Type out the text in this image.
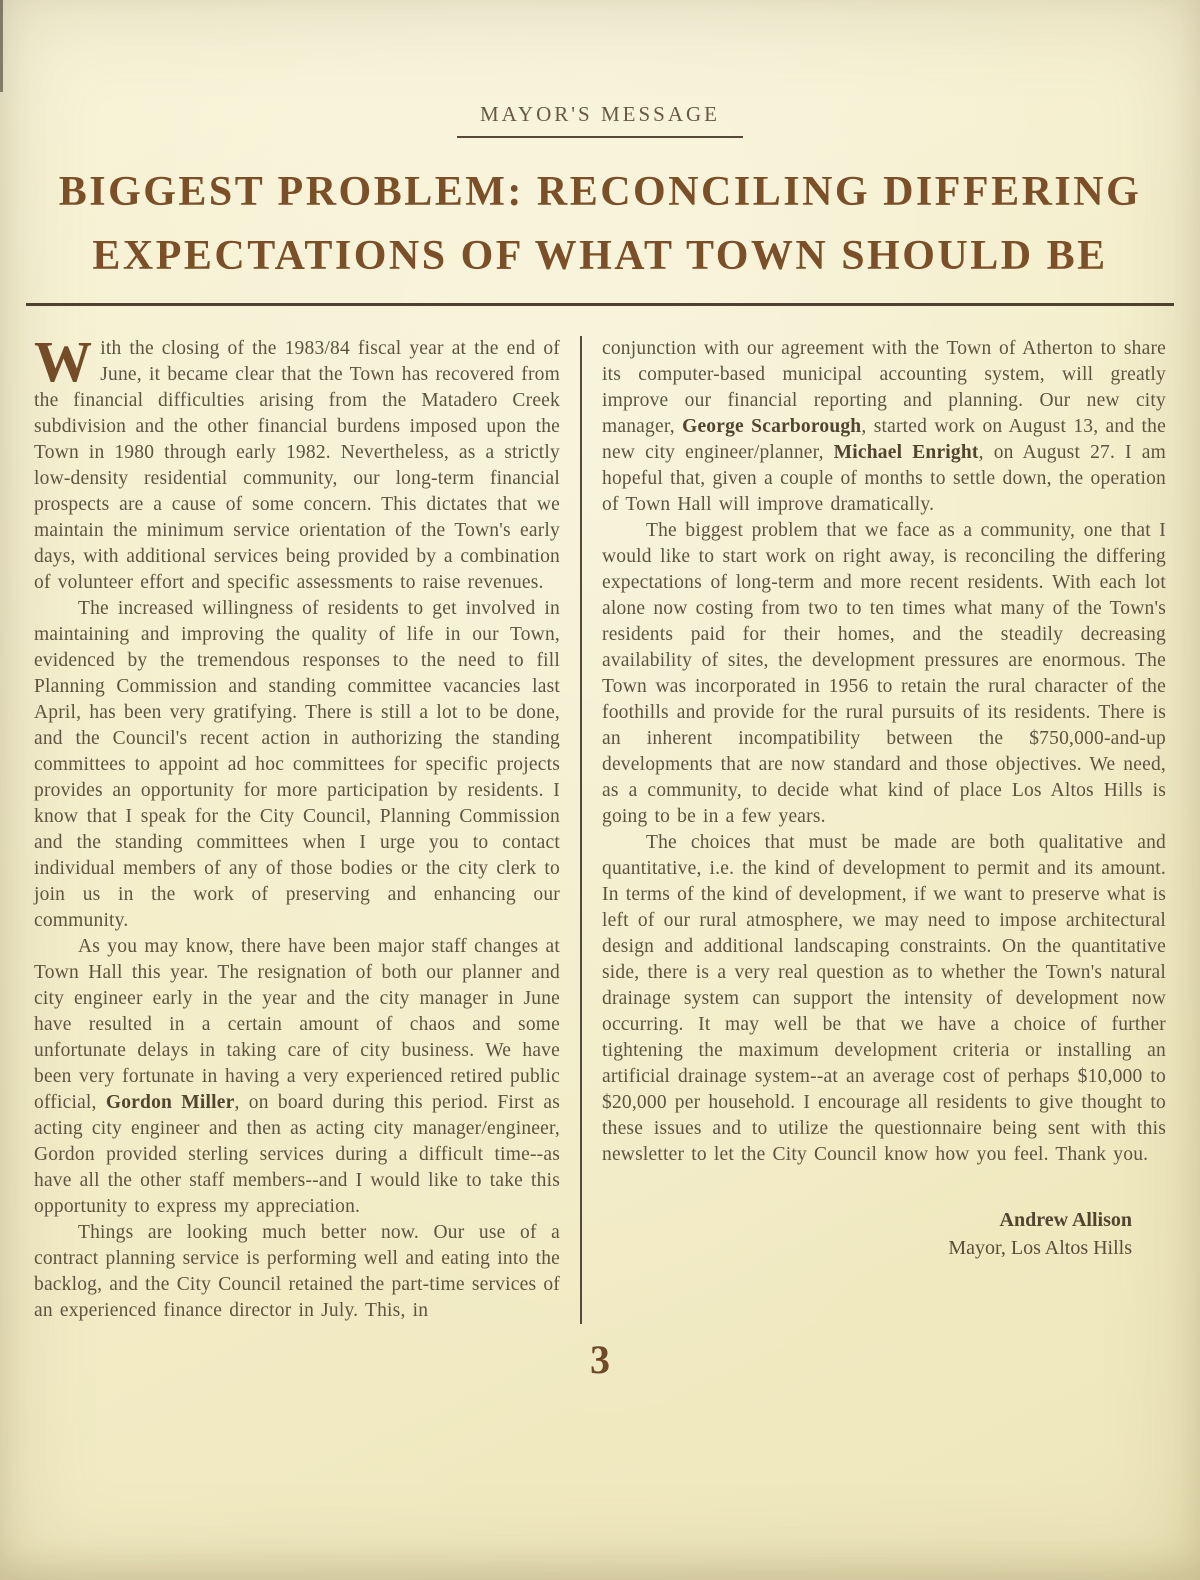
MAYOR'S MESSAGE
BIGGEST PROBLEM: RECONCILING DIFFERING
EXPECTATIONS OF WHAT TOWN SHOULD BE

With the closing of the 1983/84 fiscal year at the end of June, it became clear that the Town has recovered from the financial difficulties arising from the Matadero Creek subdivision and the other financial burdens imposed upon the Town in 1980 through early 1982. Nevertheless, as a strictly low-density residential community, our long-term financial prospects are a cause of some concern. This dictates that we maintain the minimum service orientation of the Town's early days, with additional services being provided by a combination of volunteer effort and specific assessments to raise revenues.

The increased willingness of residents to get involved in maintaining and improving the quality of life in our Town, evidenced by the tremendous responses to the need to fill Planning Commission and standing committee vacancies last April, has been very gratifying. There is still a lot to be done, and the Council's recent action in authorizing the standing committees to appoint ad hoc committees for specific projects provides an opportunity for more participation by residents. I know that I speak for the City Council, Planning Commission and the standing committees when I urge you to contact individual members of any of those bodies or the city clerk to join us in the work of preserving and enhancing our community.

As you may know, there have been major staff changes at Town Hall this year. The resignation of both our planner and city engineer early in the year and the city manager in June have resulted in a certain amount of chaos and some unfortunate delays in taking care of city business. We have been very fortunate in having a very experienced retired public official, Gordon Miller, on board during this period. First as acting city engineer and then as acting city manager/engineer, Gordon provided sterling services during a difficult time--as have all the other staff members--and I would like to take this opportunity to express my appreciation.

Things are looking much better now. Our use of a contract planning service is performing well and eating into the backlog, and the City Council retained the part-time services of an experienced finance director in July. This, in

conjunction with our agreement with the Town of Atherton to share its computer-based municipal accounting system, will greatly improve our financial reporting and planning. Our new city manager, George Scarborough, started work on August 13, and the new city engineer/planner, Michael Enright, on August 27. I am hopeful that, given a couple of months to settle down, the operation of Town Hall will improve dramatically.

The biggest problem that we face as a community, one that I would like to start work on right away, is reconciling the differing expectations of long-term and more recent residents. With each lot alone now costing from two to ten times what many of the Town's residents paid for their homes, and the steadily decreasing availability of sites, the development pressures are enormous. The Town was incorporated in 1956 to retain the rural character of the foothills and provide for the rural pursuits of its residents. There is an inherent incompatibility between the $750,000-and-up developments that are now standard and those objectives. We need, as a community, to decide what kind of place Los Altos Hills is going to be in a few years.

The choices that must be made are both qualitative and quantitative, i.e. the kind of development to permit and its amount. In terms of the kind of development, if we want to preserve what is left of our rural atmosphere, we may need to impose architectural design and additional landscaping constraints. On the quantitative side, there is a very real question as to whether the Town's natural drainage system can support the intensity of development now occurring. It may well be that we have a choice of further tightening the maximum development criteria or installing an artificial drainage system--at an average cost of perhaps $10,000 to $20,000 per household. I encourage all residents to give thought to these issues and to utilize the questionnaire being sent with this newsletter to let the City Council know how you feel. Thank you.

Andrew Allison
Mayor, Los Altos Hills
3
